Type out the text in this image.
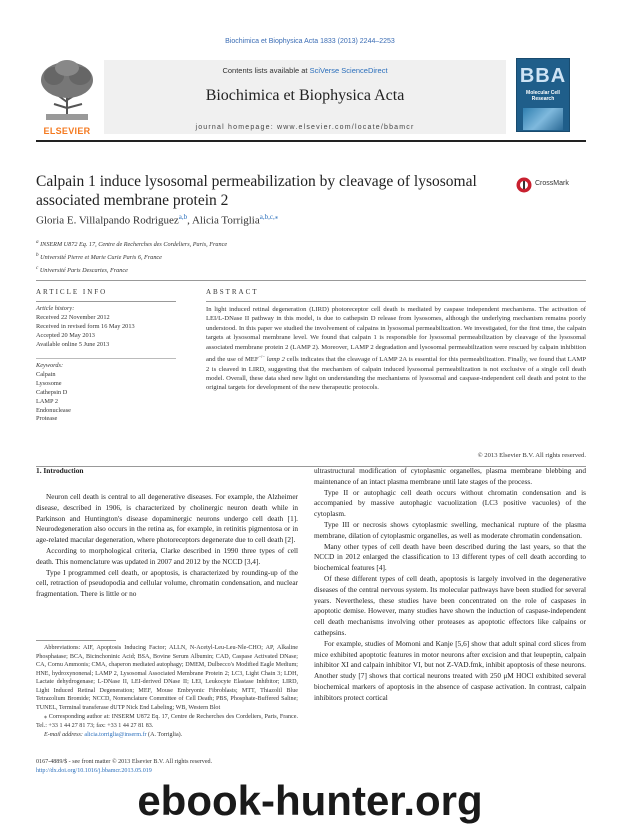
Biochimica et Biophysica Acta 1833 (2013) 2244–2253
ELSEVIER
Contents lists available at SciVerse ScienceDirect
Biochimica et Biophysica Acta
journal homepage: www.elsevier.com/locate/bbamcr
BBA
Molecular Cell Research
Calpain 1 induce lysosomal permeabilization by cleavage of lysosomal associated membrane protein 2
CrossMark
Gloria E. Villalpando Rodriguez$^{a,b}$, Alicia Torriglia$^{a,b,c,⁎}$
$^a$ INSERM U872 Eq. 17, Centre de Recherches des Cordeliers, Paris, France
$^b$ Université Pierre et Marie Curie Paris 6, France
$^c$ Université Paris Descartes, France
ARTICLE INFO
Article history:
Received 22 November 2012
Received in revised form 16 May 2013
Accepted 20 May 2013
Available online 5 June 2013
Keywords:
Calpain
Lysosome
Cathepsin D
LAMP 2
Endonuclease
Protease
ABSTRACT
In light induced retinal degeneration (LIRD) photoreceptor cell death is mediated by caspase independent mechanisms. The activation of LEI/L-DNase II pathway in this model, is due to cathepsin D release from lysosomes, although the underlying mechanism remains poorly understood. In this paper we studied the involvement of calpains in lysosomal permeabilization. We investigated, for the first time, the calpain targets at lysosomal membrane level. We found that calpain 1 is responsible for lysosomal permeabilization by cleavage of the lysosomal associated membrane protein 2 (LAMP 2). Moreover, LAMP 2 degradation and lysosomal permeabilization were rescued by calpain inhibition and the use of MEF−/− lamp 2 cells indicates that the cleavage of LAMP 2A is essential for this permeabilization. Finally, we found that LAMP 2 is cleaved in LIRD, suggesting that the mechanism of calpain induced lysosomal permeabilization is not exclusive of a single cell death model. Overall, these data shed new light on understanding the mechanisms of lysosomal and caspase-independent cell death and point to the original targets for development of the new therapeutic protocols.
© 2013 Elsevier B.V. All rights reserved.
1. Introduction

Neuron cell death is central to all degenerative diseases. For example, the Alzheimer disease, described in 1906, is characterized by cholinergic neuron death while in Parkinson and Huntington's disease dopaminergic neurons undergo cell death [1]. Neurodegeneration also occurs in the retina as, for example, in retinitis pigmentosa or in age-related macular degeneration, where photoreceptors degenerate due to cell death [2].

According to morphological criteria, Clarke described in 1990 three types of cell death. This nomenclature was updated in 2007 and 2012 by the NCCD [3,4].

Type I programmed cell death, or apoptosis, is characterized by rounding-up of the cell, retraction of pseudopodia and cellular volume, chromatin condensation, and nuclear fragmentation. There is little or no

ultrastructural modification of cytoplasmic organelles, plasma membrane blebbing and maintenance of an intact plasma membrane until late stages of the process.

Type II or autophagic cell death occurs without chromatin condensation and is accompanied by massive autophagic vacuolization (LC3 positive vacuoles) of the cytoplasm.

Type III or necrosis shows cytoplasmic swelling, mechanical rupture of the plasma membrane, dilation of cytoplasmic organelles, as well as moderate chromatin condensation.

Many other types of cell death have been described during the last years, so that the NCCD in 2012 enlarged the classification to 13 different types of cell death according to biochemical features [4].

Of these different types of cell death, apoptosis is largely involved in the degenerative diseases of the central nervous system. Its molecular pathways have been studied for several years. Nevertheless, these studies have been concentrated on the role of caspases in apoptotic demise. However, many studies have shown the induction of caspase-independent cell death mechanisms involving other proteases as apoptotic effectors like calpains or cathepsins.

For example, studies of Momoni and Kanje [5,6] show that adult spinal cord slices from mice exhibited apoptotic features in motor neurons after excision and that leupeptin, calpain inhibitor XI and calpain inhibitor VI, but not Z-VAD.fmk, inhibit apoptosis of these neurons. Another study [7] shows that cortical neurons treated with 250 μM HOCl exhibited several biochemical markers of apoptosis in the absence of caspase activation. In contrast, calpain inhibitors protect cortical

Abbreviations: AIF, Apoptosis Inducing Factor; ALLN, N-Acetyl-Leu-Leu-Nle-CHO; AP, Alkaline Phosphatase; BCA, Bicinchoninic Acid; BSA, Bovine Serum Albumin; CAD, Caspase Activated DNase; CA, Cornu Ammonis; CMA, chaperon mediated autophagy; DMEM, Dulbecco's Modified Eagle Medium; HNE, hydroxynonenal; LAMP 2, Lysosomal Associated Membrane Protein 2; LC3, Light Chain 3; LDH, Lactate dehydrogenase; L-DNase II, LEI-derived DNase II; LEI, Leukocyte Elastase Inhibitor; LIRD, Light Induced Retinal Degeneration; MEF, Mouse Embryonic Fibroblasts; MTT, Thiazolil Blue Tetrazolium Bromide; NCCD, Nomenclature Committee of Cell Death; PBS, Phosphate-Buffered Saline; TUNEL, Terminal transferase dUTP Nick End Labeling; WB, Western Blot

⁎ Corresponding author at: INSERM U872 Eq. 17, Centre de Recherches des Cordeliers, Paris, France. Tel.: +33 1 44 27 81 73; fax: +33 1 44 27 81 83.

E-mail address: alicia.torriglia@inserm.fr (A. Torriglia).

0167-4889/$ - see front matter © 2013 Elsevier B.V. All rights reserved.
http://dx.doi.org/10.1016/j.bbamcr.2013.05.019
ebook-hunter.org
